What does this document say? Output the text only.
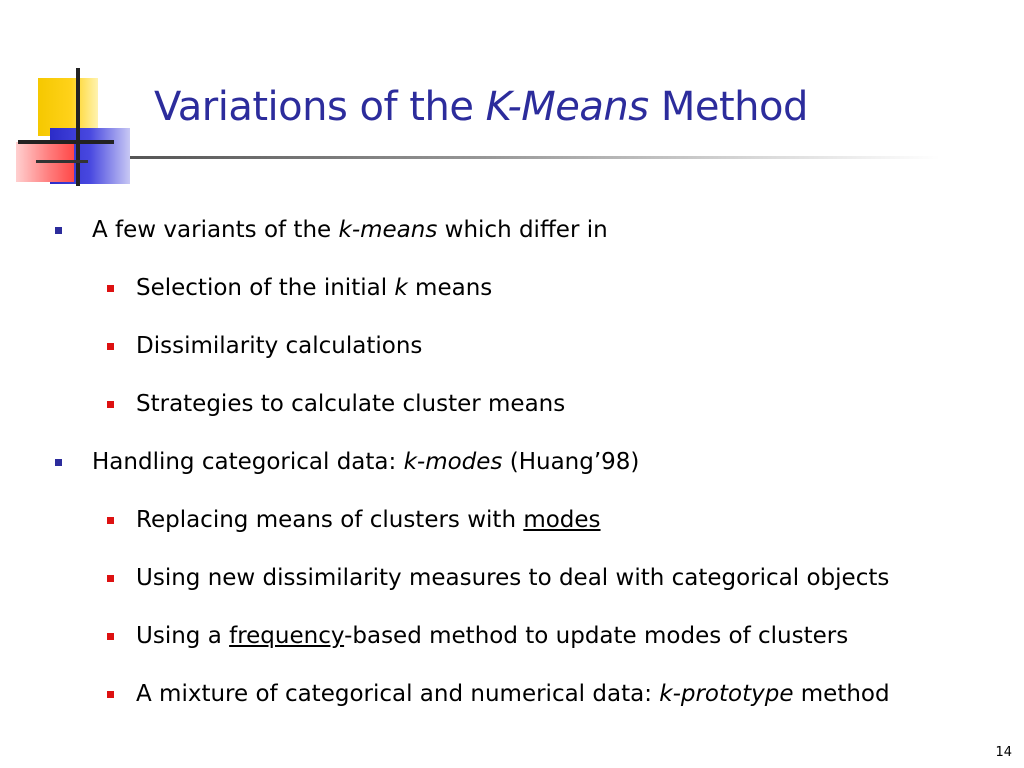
Variations of the K-Means Method
A few variants of the k-means which differ in
Selection of the initial k means
Dissimilarity calculations
Strategies to calculate cluster means
Handling categorical data: k-modes (Huang’98)
Replacing means of clusters with modes
Using new dissimilarity measures to deal with categorical objects
Using a frequency-based method to update modes of clusters
A mixture of categorical and numerical data: k-prototype method
14
